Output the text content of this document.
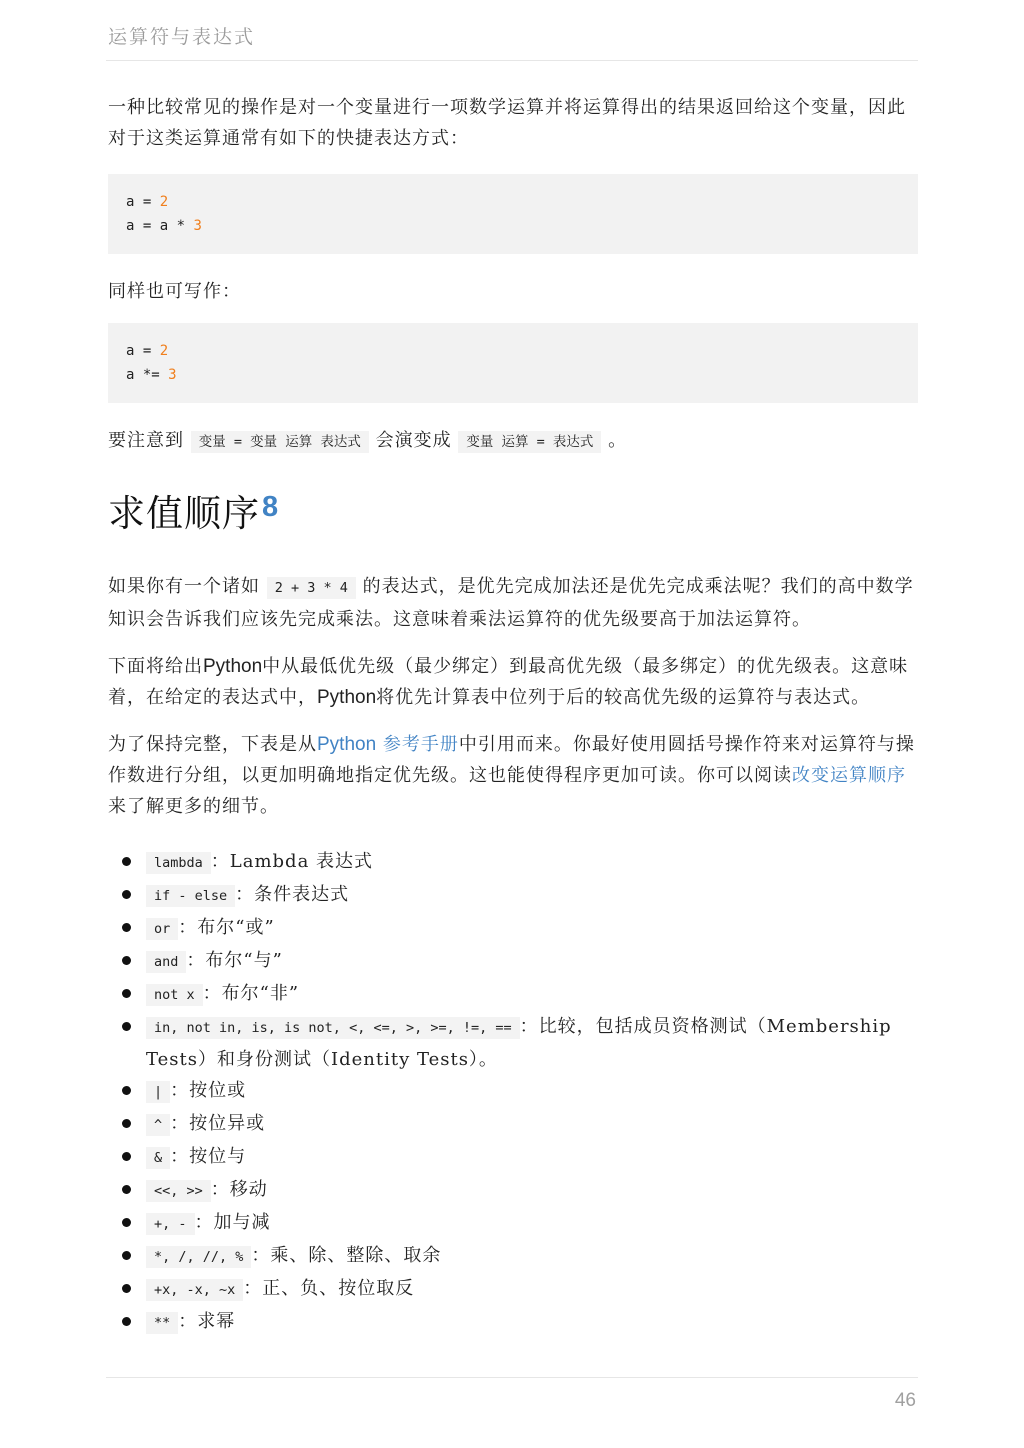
运算符与表达式

一种比较常见的操作是对一个变量进行一项数学运算并将运算得出的结果返回给这个变量，因此对于这类运算通常有如下的快捷表达方式：

a = 2
a = a * 3

同样也可写作：

a = 2
a *= 3

要注意到 变量 = 变量 运算 表达式 会演变成 变量 运算 = 表达式 。

求值顺序$^8$

如果你有一个诸如 2 + 3 * 4 的表达式，是优先完成加法还是优先完成乘法呢？我们的高中数学知识会告诉我们应该先完成乘法。这意味着乘法运算符的优先级要高于加法运算符。

下面将给出Python中从最低优先级（最少绑定）到最高优先级（最多绑定）的优先级表。这意味着，在给定的表达式中，Python将优先计算表中位列于后的较高优先级的运算符与表达式。

为了保持完整，下表是从Python 参考手册中引用而来。你最好使用圆括号操作符来对运算符与操作数进行分组，以更加明确地指定优先级。这也能使得程序更加可读。你可以阅读改变运算顺序来了解更多的细节。

lambda ：Lambda 表达式
if - else ：条件表达式
or ：布尔“或”
and ：布尔“与”
not x ：布尔“非”
in, not in, is, is not, <, <=, >, >=, !=, == ：比较，包括成员资格测试（Membership Tests）和身份测试（Identity Tests）。
| ：按位或
^ ：按位异或
& ：按位与
<<, >> ：移动
+, - ：加与减
*, /, //, % ：乘、除、整除、取余
+x, -x, ~x ：正、负、按位取反
** ：求幂
46
